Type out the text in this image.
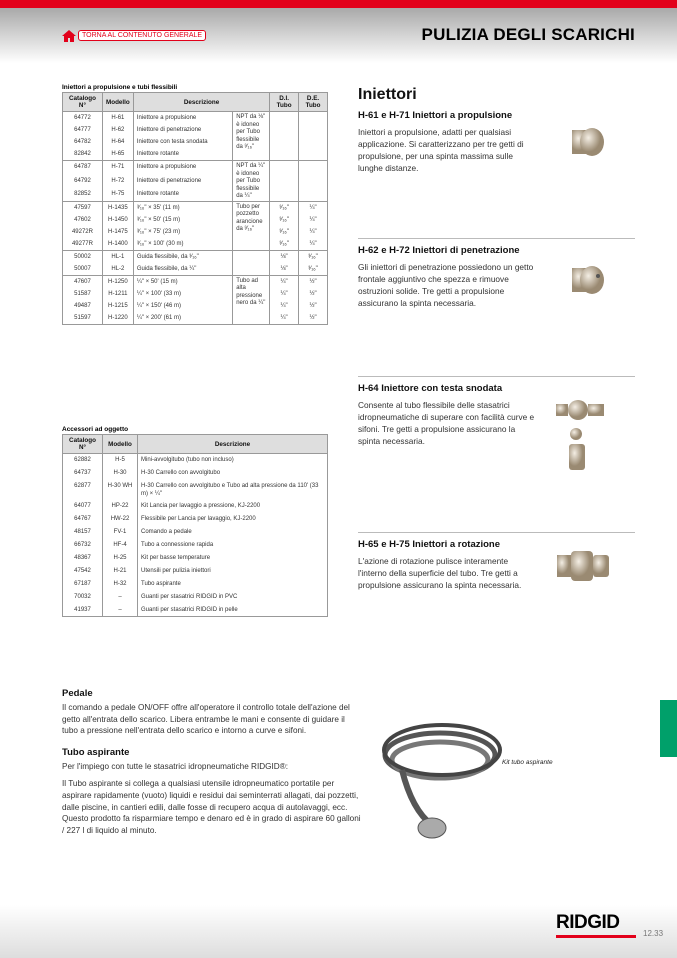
TORNA AL CONTENUTO GENERALE	PULIZIA DEGLI SCARICHI
Iniettori a propulsione e tubi flessibili
Catalogo N°	Modello	Descrizione		D.I. Tubo	D.E. Tubo
64772	H-61	Iniettore a propulsione	NPT da ⅛" è idoneo per Tubo flessibile da ³⁄₁₆"		
64777	H-62	Iniettore di penetrazione			
64782	H-64	Iniettore con testa snodata			
82842	H-65	Iniettore rotante			
64787	H-71	Iniettore a propulsione	NPT da ¼" è idoneo per Tubo flessibile da ¼"		
64792	H-72	Iniettore di penetrazione			
82852	H-75	Iniettore rotante			
47597	H-1435	³⁄₁₆" × 35' (11 m)	Tubo per pozzetto arancione da ³⁄₁₆"	³⁄₁₆"	¼"
47602	H-1450	³⁄₁₆" × 50' (15 m)		³⁄₁₆"	¼"
49272R	H-1475	³⁄₁₆" × 75' (23 m)		³⁄₁₆"	¼"
49277R	H-1400	³⁄₁₆" × 100' (30 m)		³⁄₁₆"	¼"
50002	HL-1	Guida flessibile, da ³⁄₁₆"		⅛"	³⁄₁₆"
50007	HL-2	Guida flessibile, da ¼"		⅛"	³⁄₁₆"
47607	H-1250	¼" × 50' (15 m)	Tubo ad alta pressione nero da ¼"	¼"	½"
51587	H-1211	¼" × 100' (33 m)		¼"	½"
49487	H-1215	¼" × 150' (46 m)		¼"	½"
51597	H-1220	¼" × 200' (61 m)		¼"	½"
Accessori ad oggetto
Catalogo N°	Modello	Descrizione
62882	H-5	Mini-avvolgitubo (tubo non incluso)
64737	H-30	H-30 Carrello con avvolgitubo
62877	H-30 WH	H-30 Carrello con avvolgitubo e Tubo ad alta pressione da 110' (33 m) × ¼"
64077	HP-22	Kit Lancia per lavaggio a pressione, KJ-2200
64767	HW-22	Flessibile per Lancia per lavaggio, KJ-2200
48157	FV-1	Comando a pedale
66732	HF-4	Tubo a connessione rapida
48367	H-25	Kit per basse temperature
47542	H-21	Utensili per pulizia iniettori
67187	H-32	Tubo aspirante
70032	–	Guanti per stasatrici RIDGID in PVC
41937	–	Guanti per stasatrici RIDGID in pelle
Iniettori
H-61 e H-71 Iniettori a propulsione

Iniettori a propulsione, adatti per qualsiasi applicazione. Si caratterizzano per tre getti di propulsione, per una spinta massima sulle lunghe distanze.

H-62 e H-72 Iniettori di penetrazione

Gli iniettori di penetrazione possiedono un getto frontale aggiuntivo che spezza e rimuove ostruzioni solide. Tre getti a propulsione assicurano la spinta necessaria.

H-64 Iniettore con testa snodata

Consente al tubo flessibile delle stasatrici idropneumatiche di superare con facilità curve e sifoni. Tre getti a propulsione assicurano la spinta necessaria.

H-65 e H-75 Iniettori a rotazione

L'azione di rotazione pulisce interamente l'interno della superficie del tubo. Tre getti a propulsione assicurano la spinta necessaria.

Pedale

Il comando a pedale ON/OFF offre all'operatore il controllo totale dell'azione del getto all'entrata dello scarico. Libera entrambe le mani e consente di guidare il tubo a pressione nell'entrata dello scarico e intorno a curve e sifoni.

Tubo aspirante

Per l'impiego con tutte le stasatrici idropneumatiche RIDGID®:

Il Tubo aspirante si collega a qualsiasi utensile idropneumatico portatile per aspirare rapidamente (vuoto) liquidi e residui dai seminterrati allagati, dai pozzetti, dalle piscine, in cantieri edili, dalle fosse di recupero acqua di autolavaggi, ecc. Questo prodotto fa risparmiare tempo e denaro ed è in grado di aspirare 60 galloni / 227 l di liquido al minuto.

Kit tubo aspirante
RIDGID
12.33
